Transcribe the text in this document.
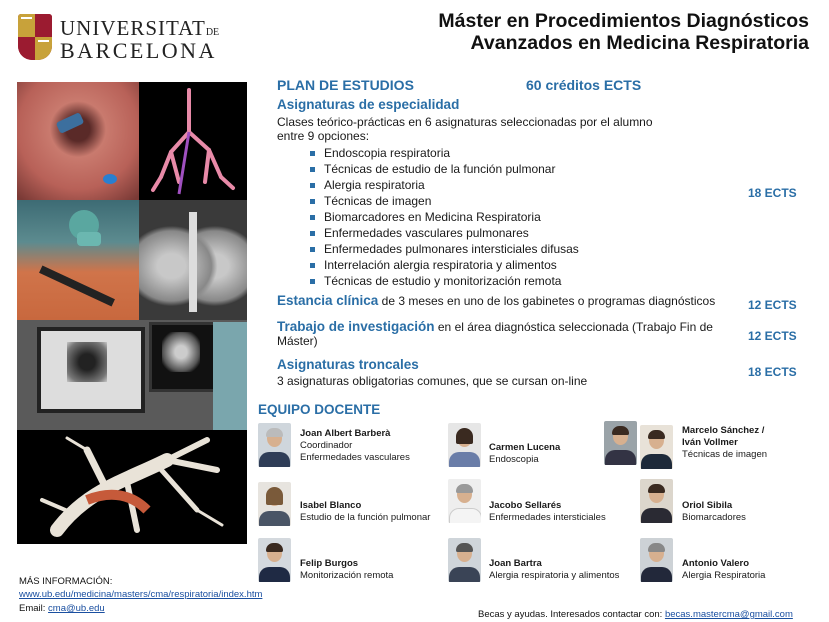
UNIVERSITATDE
BARCELONA
Máster en Procedimientos Diagnósticos
Avanzados en Medicina Respiratoria
PLAN DE ESTUDIOS	60 créditos ECTS
Asignaturas de especialidad
Clases teórico-prácticas en 6 asignaturas seleccionadas por el alumno
entre 9 opciones:
Endoscopia respiratoria
Técnicas de estudio de la función pulmonar
Alergia respiratoria
Técnicas de imagen
Biomarcadores en Medicina Respiratoria
Enfermedades vasculares pulmonares
Enfermedades pulmonares intersticiales difusas
Interrelación alergia respiratoria y alimentos
Técnicas de estudio y monitorización remota
18 ECTS
Estancia clínica de 3 meses en uno de los gabinetes o programas diagnósticos	12 ECTS
Trabajo de investigación en el área diagnóstica seleccionada (Trabajo Fin de
Máster)	12 ECTS
Asignaturas troncales
3 asignaturas obligatorias comunes, que se cursan on-line
18 ECTS
EQUIPO DOCENTE
Joan Albert Barberà
Coordinador
Enfermedades vasculares
Carmen Lucena
Endoscopia
Marcelo Sánchez /
Iván Vollmer
Técnicas de imagen
Isabel Blanco
Estudio de la función pulmonar
Jacobo Sellarés
Enfermedades intersticiales
Oriol Sibila
Biomarcadores
Felip Burgos
Monitorización remota
Joan Bartra
Alergia respiratoria y alimentos
Antonio Valero
Alergia Respiratoria
MÁS INFORMACIÓN:
www.ub.edu/medicina/masters/cma/respiratoria/index.htm
Email: cma@ub.edu
Becas y ayudas. Interesados contactar con: becas.mastercma@gmail.com
